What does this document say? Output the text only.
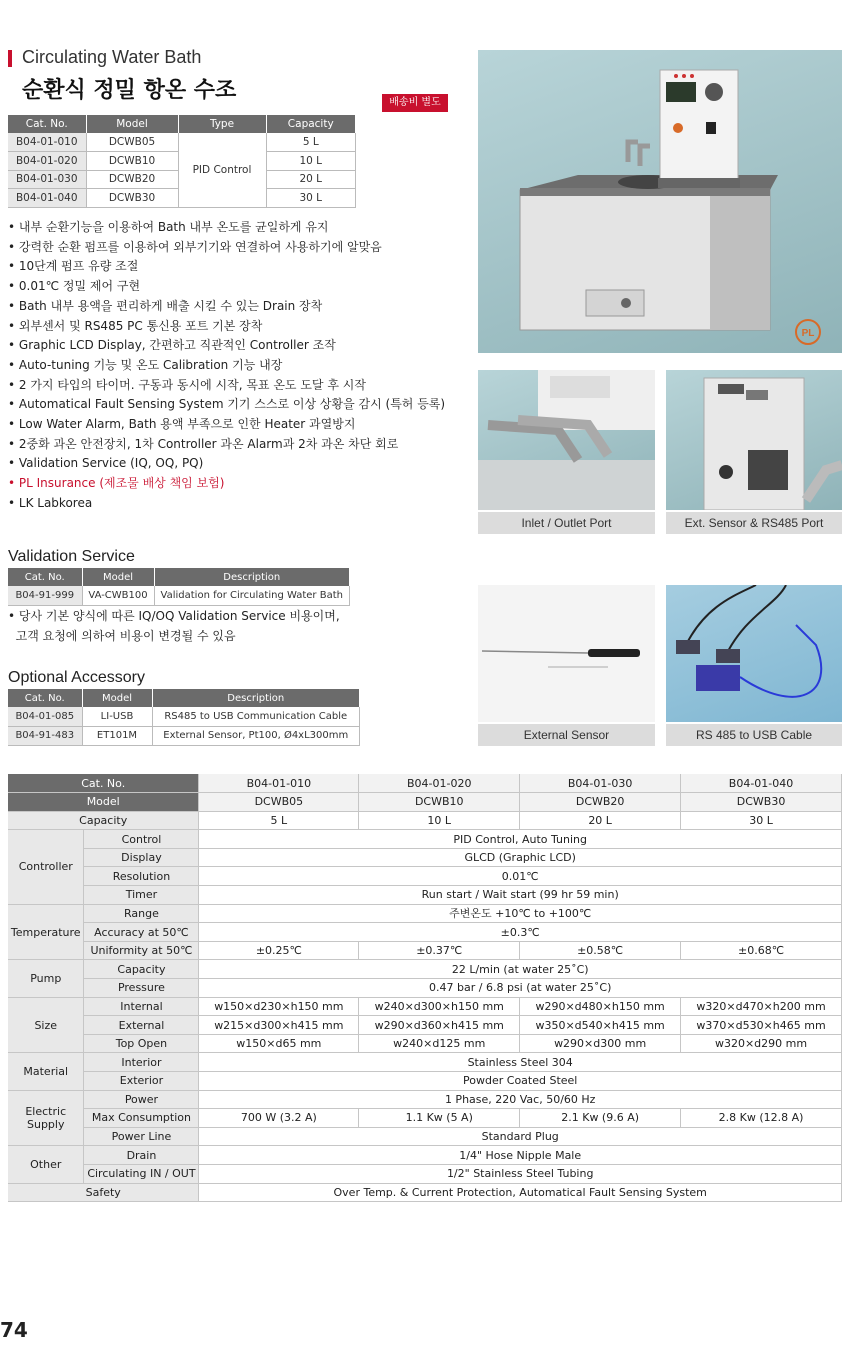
Circulating Water Bath
순환식 정밀 항온 수조	배송비 별도
Cat. No.	Model	Type	Capacity
B04-01-010	DCWB05	PID Control	5 L
B04-01-020	DCWB10		10 L
B04-01-030	DCWB20		20 L
B04-01-040	DCWB30		30 L
• 내부 순환기능을 이용하여 Bath 내부 온도를 균일하게 유지
• 강력한 순환 펌프를 이용하여 외부기기와 연결하여 사용하기에 알맞음
• 10단계 펌프 유량 조절
• 0.01℃ 정밀 제어 구현
• Bath 내부 용액을 편리하게 배출 시킬 수 있는 Drain 장착
• 외부센서 및 RS485 PC 통신용 포트 기본 장착
• Graphic LCD Display, 간편하고 직관적인 Controller 조작
• Auto-tuning 기능 및 온도 Calibration 기능 내장
• 2 가지 타입의 타이머. 구동과 동시에 시작, 목표 온도 도달 후 시작
• Automatical Fault Sensing System 기기 스스로 이상 상황을 감시 (특허 등록)
• Low Water Alarm, Bath 용액 부족으로 인한 Heater 과열방지
• 2중화 과온 안전장치, 1차 Controller 과온 Alarm과 2차 과온 차단 회로
• Validation Service (IQ, OQ, PQ)
• PL Insurance (제조물 배상 책임 보험)
• LK Labkorea
Validation Service
Cat. No.	Model	Description
B04-91-999	VA-CWB100	Validation for Circulating Water Bath
• 당사 기본 양식에 따른 IQ/OQ Validation Service 비용이며,
고객 요청에 의하여 비용이 변경될 수 있음
Optional Accessory
Cat. No.	Model	Description
B04-01-085	LI-USB	RS485 to USB Communication Cable
B04-91-483	ET101M	External Sensor, Pt100, Ø4xL300mm
PL
Inlet / Outlet Port	Ext. Sensor & RS485 Port
External Sensor	RS 485 to USB Cable
Cat. No.		B04-01-010	B04-01-020	B04-01-030	B04-01-040
Model		DCWB05	DCWB10	DCWB20	DCWB30
Capacity		5 L	10 L	20 L	30 L
Controller	Control	PID Control, Auto Tuning			
	Display	GLCD (Graphic LCD)			
	Resolution	0.01℃			
	Timer	Run start / Wait start (99 hr 59 min)			
Temperature	Range	주변온도 +10℃ to +100℃			
	Accuracy at 50℃	±0.3℃			
	Uniformity at 50℃	±0.25℃	±0.37℃	±0.58℃	±0.68℃
Pump	Capacity	22 L/min (at water 25˚C)			
	Pressure	0.47 bar / 6.8 psi (at water 25˚C)			
Size	Internal	w150×d230×h150 mm	w240×d300×h150 mm	w290×d480×h150 mm	w320×d470×h200 mm
	External	w215×d300×h415 mm	w290×d360×h415 mm	w350×d540×h415 mm	w370×d530×h465 mm
	Top Open	w150×d65 mm	w240×d125 mm	w290×d300 mm	w320×d290 mm
Material	Interior	Stainless Steel 304			
	Exterior	Powder Coated Steel			
Electric Supply	Power	1 Phase, 220 Vac, 50/60 Hz			
	Max Consumption	700 W (3.2 A)	1.1 Kw (5 A)	2.1 Kw (9.6 A)	2.8 Kw (12.8 A)
	Power Line	Standard Plug			
Other	Drain	1/4" Hose Nipple Male			
	Circulating IN / OUT	1/2" Stainless Steel Tubing			
Safety		Over Temp. & Current Protection, Automatical Fault Sensing System			
74
